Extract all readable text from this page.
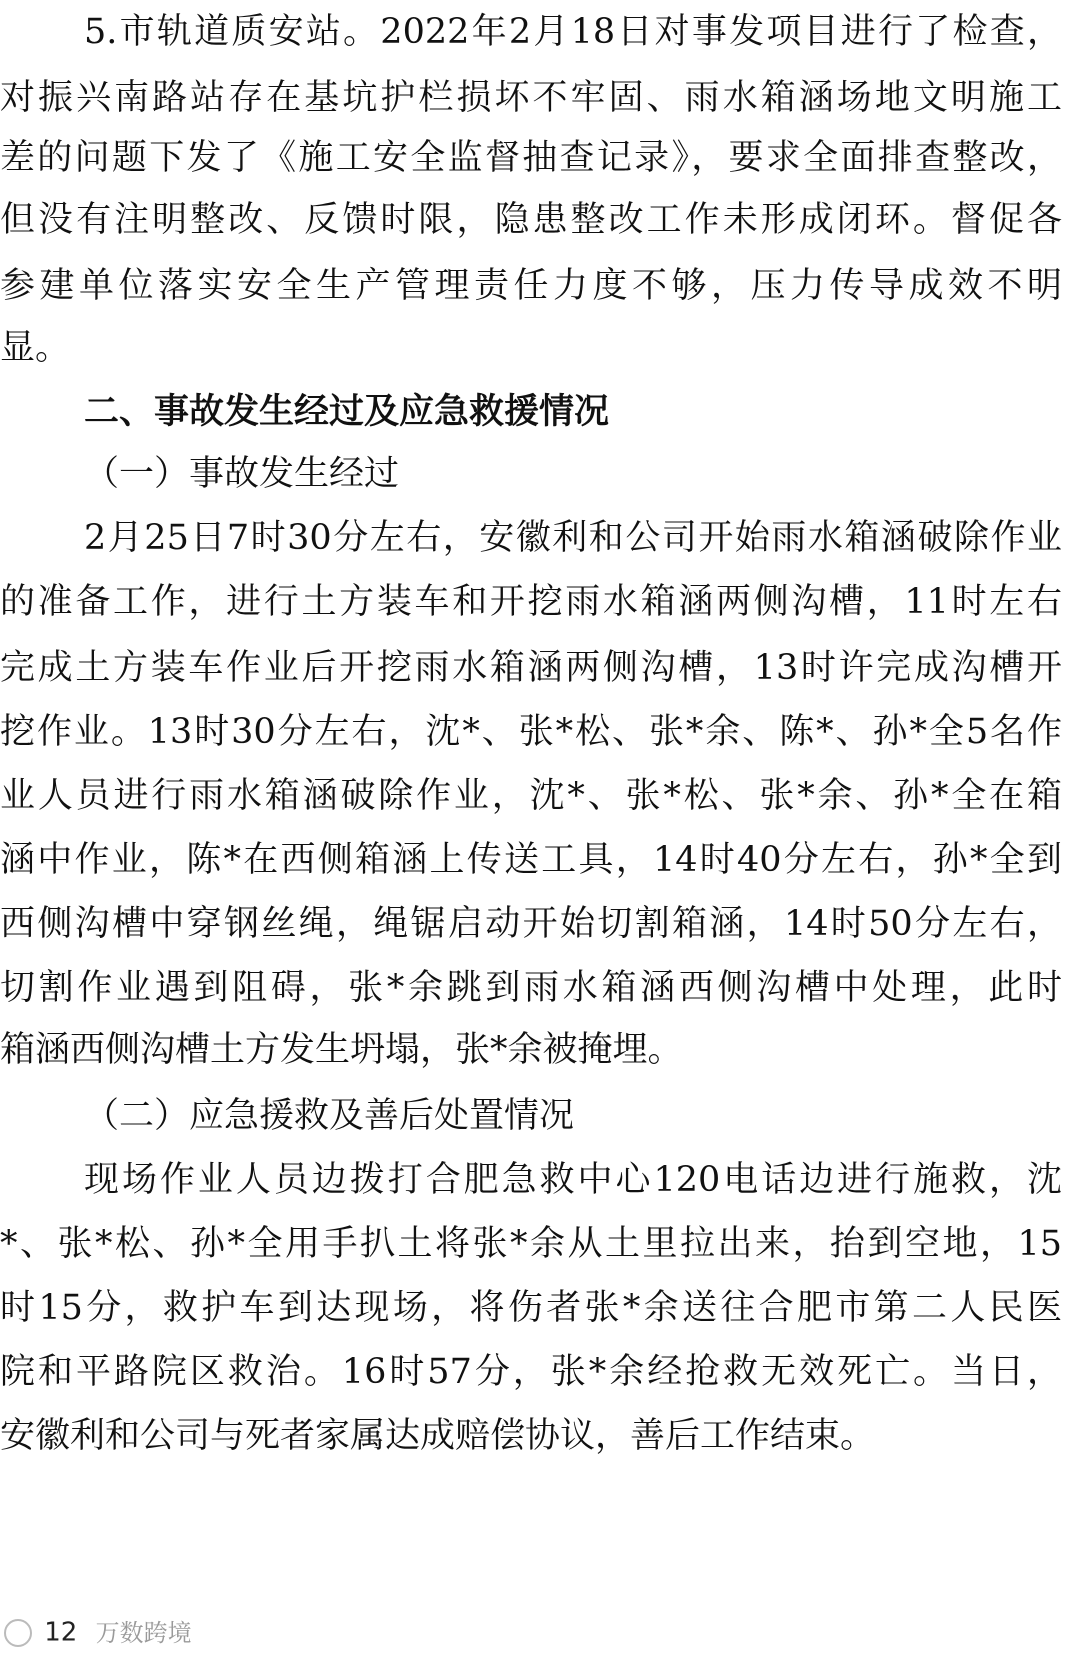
5.市轨道质安站。2022年2月18日对事发项目进行了检查，
对振兴南路站存在基坑护栏损坏不牢固、雨水箱涵场地文明施工
差的问题下发了《施工安全监督抽查记录》，要求全面排查整改，
但没有注明整改、反馈时限，隐患整改工作未形成闭环。督促各
参建单位落实安全生产管理责任力度不够，压力传导成效不明
显。
二、事故发生经过及应急救援情况
（一）事故发生经过
2月25日7时30分左右，安徽利和公司开始雨水箱涵破除作业
的准备工作，进行土方装车和开挖雨水箱涵两侧沟槽，11时左右
完成土方装车作业后开挖雨水箱涵两侧沟槽，13时许完成沟槽开
挖作业。13时30分左右，沈*、张*松、张*余、陈*、孙*全5名作
业人员进行雨水箱涵破除作业，沈*、张*松、张*余、孙*全在箱
涵中作业，陈*在西侧箱涵上传送工具，14时40分左右，孙*全到
西侧沟槽中穿钢丝绳，绳锯启动开始切割箱涵，14时50分左右，
切割作业遇到阻碍，张*余跳到雨水箱涵西侧沟槽中处理，此时
箱涵西侧沟槽土方发生坍塌，张*余被掩埋。
（二）应急援救及善后处置情况
现场作业人员边拨打合肥急救中心120电话边进行施救，沈
*、张*松、孙*全用手扒土将张*余从土里拉出来，抬到空地，15
时15分，救护车到达现场，将伤者张*余送往合肥市第二人民医
院和平路院区救治。16时57分，张*余经抢救无效死亡。当日，
安徽利和公司与死者家属达成赔偿协议，善后工作结束。
12 万数跨境
